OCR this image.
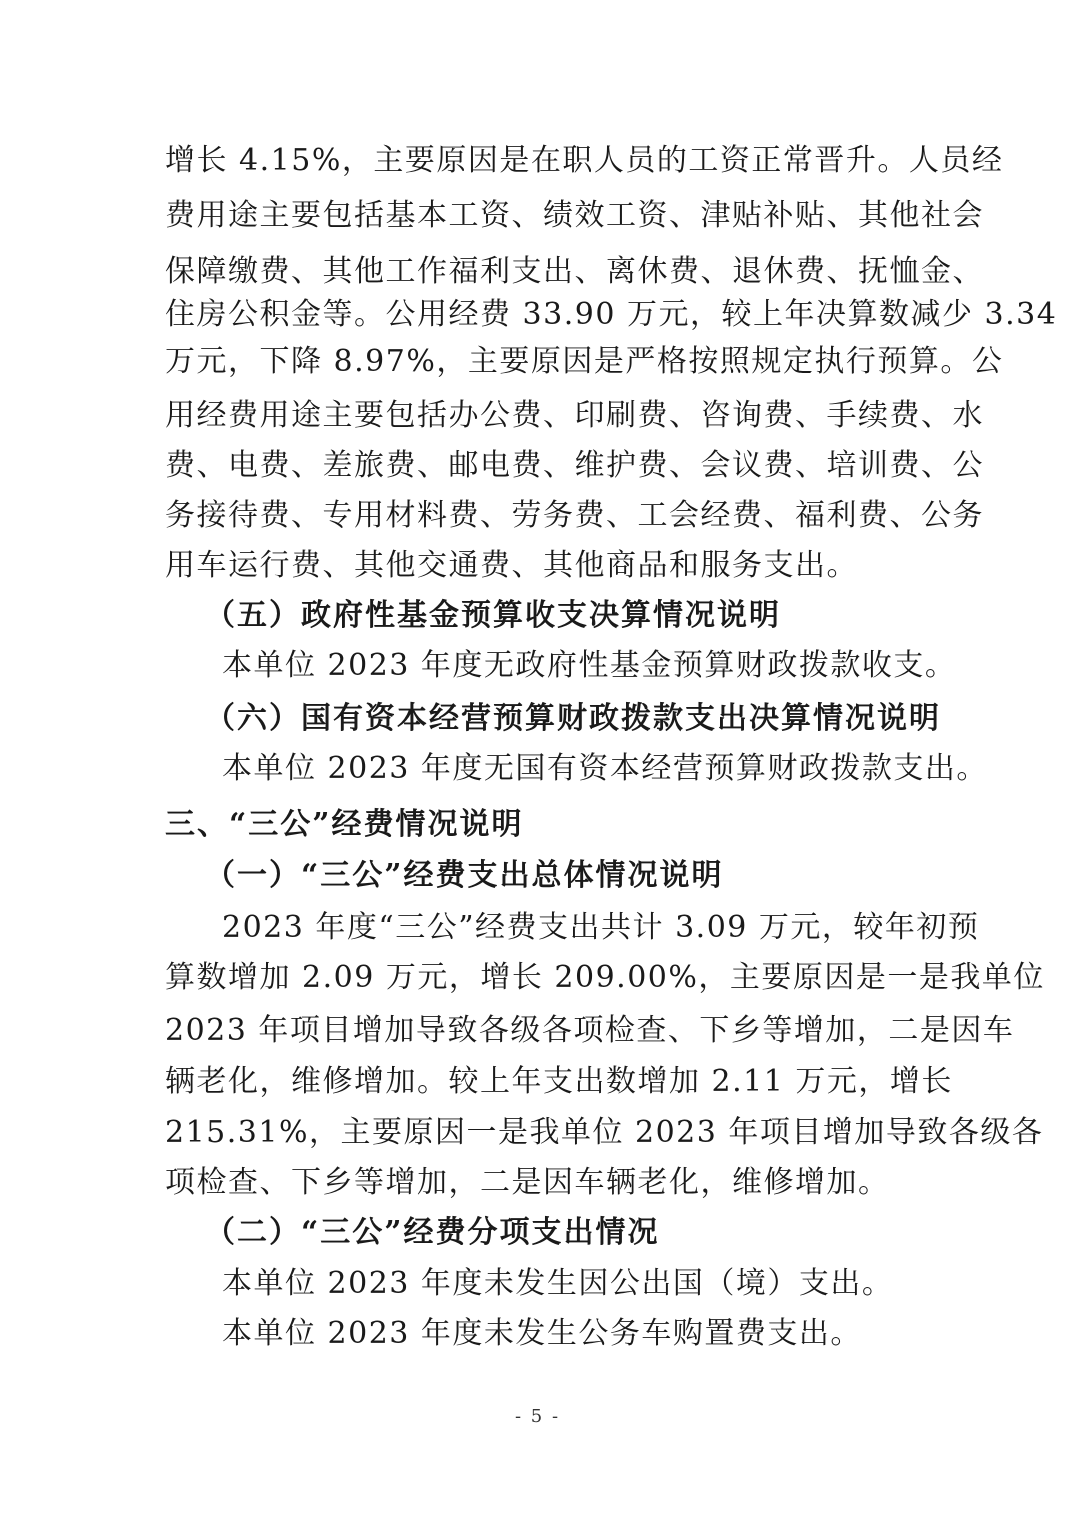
增长 4.15%，主要原因是在职人员的工资正常晋升。人员经
费用途主要包括基本工资、绩效工资、津贴补贴、其他社会
保障缴费、其他工作福利支出、离休费、退休费、抚恤金、
住房公积金等。公用经费 33.90 万元，较上年决算数减少 3.34
万元，下降 8.97%，主要原因是严格按照规定执行预算。公
用经费用途主要包括办公费、印刷费、咨询费、手续费、水
费、电费、差旅费、邮电费、维护费、会议费、培训费、公
务接待费、专用材料费、劳务费、工会经费、福利费、公务
用车运行费、其他交通费、其他商品和服务支出。
（五）政府性基金预算收支决算情况说明
本单位 2023 年度无政府性基金预算财政拨款收支。
（六）国有资本经营预算财政拨款支出决算情况说明
本单位 2023 年度无国有资本经营预算财政拨款支出。
三、“三公”经费情况说明
（一）“三公”经费支出总体情况说明
2023 年度“三公”经费支出共计 3.09 万元，较年初预
算数增加 2.09 万元，增长 209.00%，主要原因是一是我单位
2023 年项目增加导致各级各项检查、下乡等增加，二是因车
辆老化，维修增加。较上年支出数增加 2.11 万元，增长
215.31%，主要原因一是我单位 2023 年项目增加导致各级各
项检查、下乡等增加，二是因车辆老化，维修增加。
（二）“三公”经费分项支出情况
本单位 2023 年度未发生因公出国（境）支出。
本单位 2023 年度未发生公务车购置费支出。
- 5 -
